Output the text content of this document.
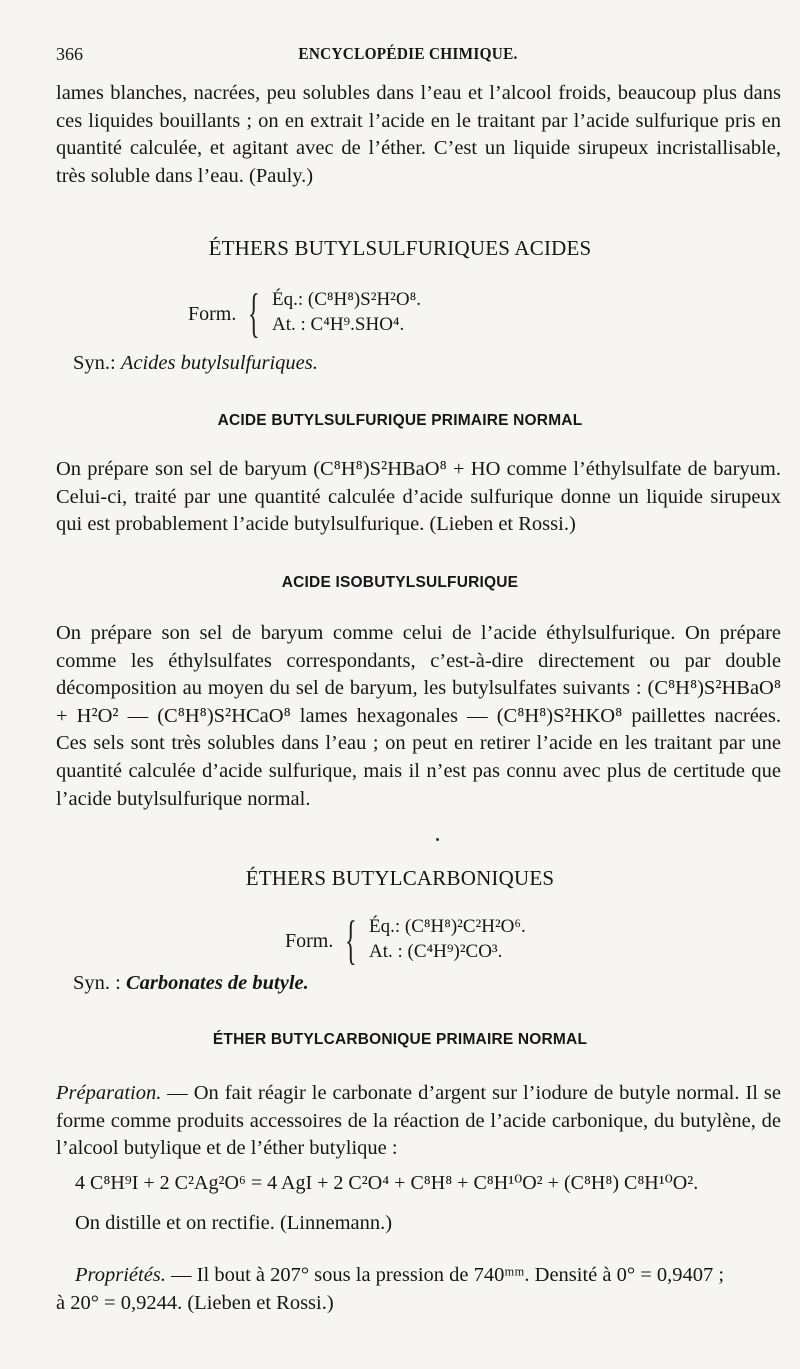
366	ENCYCLOPÉDIE CHIMIQUE.
lames blanches, nacrées, peu solubles dans l’eau et l’alcool froids, beaucoup plus dans ces liquides bouillants ; on en extrait l’acide en le traitant par l’acide sulfurique pris en quantité calculée, et agitant avec de l’éther. C’est un liquide sirupeux incristallisable, très soluble dans l’eau. (Pauly.)
ÉTHERS BUTYLSULFURIQUES ACIDES
Form. { Éq.: (C⁸H⁸)S²H²O⁸.
At. : C⁴H⁹.SHO⁴.
Syn.: Acides butylsulfuriques.
ACIDE BUTYLSULFURIQUE PRIMAIRE NORMAL
On prépare son sel de baryum (C⁸H⁸)S²HBaO⁸ + HO comme l’éthylsulfate de baryum. Celui-ci, traité par une quantité calculée d’acide sulfurique donne un liquide sirupeux qui est probablement l’acide butylsulfurique. (Lieben et Rossi.)
ACIDE ISOBUTYLSULFURIQUE
On prépare son sel de baryum comme celui de l’acide éthylsulfurique. On prépare comme les éthylsulfates correspondants, c’est-à-dire directement ou par double décomposition au moyen du sel de baryum, les butylsulfates suivants : (C⁸H⁸)S²HBaO⁸ + H²O² — (C⁸H⁸)S²HCaO⁸ lames hexagonales — (C⁸H⁸)S²HKO⁸ paillettes nacrées. Ces sels sont très solubles dans l’eau ; on peut en retirer l’acide en les traitant par une quantité calculée d’acide sulfurique, mais il n’est pas connu avec plus de certitude que l’acide butylsulfurique normal.
ÉTHERS BUTYLCARBONIQUES
Form. { Éq.: (C⁸H⁸)²C²H²O⁶.
At. : (C⁴H⁹)²CO³.
Syn. : Carbonates de butyle.
ÉTHER BUTYLCARBONIQUE PRIMAIRE NORMAL
Préparation. — On fait réagir le carbonate d’argent sur l’iodure de butyle normal. Il se forme comme produits accessoires de la réaction de l’acide carbonique, du butylène, de l’alcool butylique et de l’éther butylique :
4 C⁸H⁹I + 2 C²Ag²O⁶ = 4 AgI + 2 C²O⁴ + C⁸H⁸ + C⁸H¹⁰O² + (C⁸H⁸) C⁸H¹⁰O².
On distille et on rectifie. (Linnemann.)
Propriétés. — Il bout à 207° sous la pression de 740ᵐᵐ. Densité à 0° = 0,9407 ;
à 20° = 0,9244. (Lieben et Rossi.)
